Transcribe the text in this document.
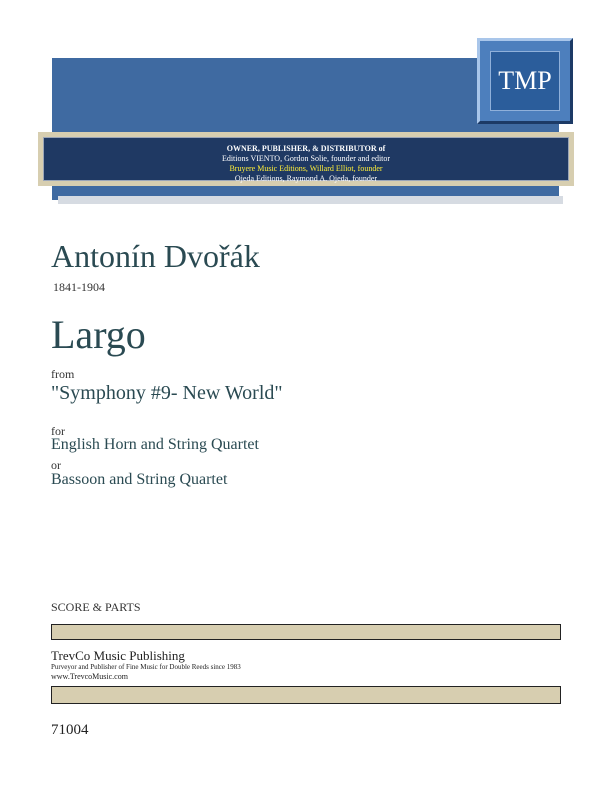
OWNER, PUBLISHER, & DISTRIBUTOR of
Editions VIENTO, Gordon Solie, founder and editor
Bruyere Music Editions, Willard Elliot, founder
Ojeda Editions, Raymond A. Ojeda, founder
TMP
Antonín Dvořák
1841-1904
Largo
from
"Symphony #9- New World"
for
English Horn and String Quartet
or
Bassoon and String Quartet
SCORE & PARTS
TrevCo Music Publishing
Purveyor and Publisher of Fine Music for Double Reeds since 1983
www.TrevcoMusic.com
71004
